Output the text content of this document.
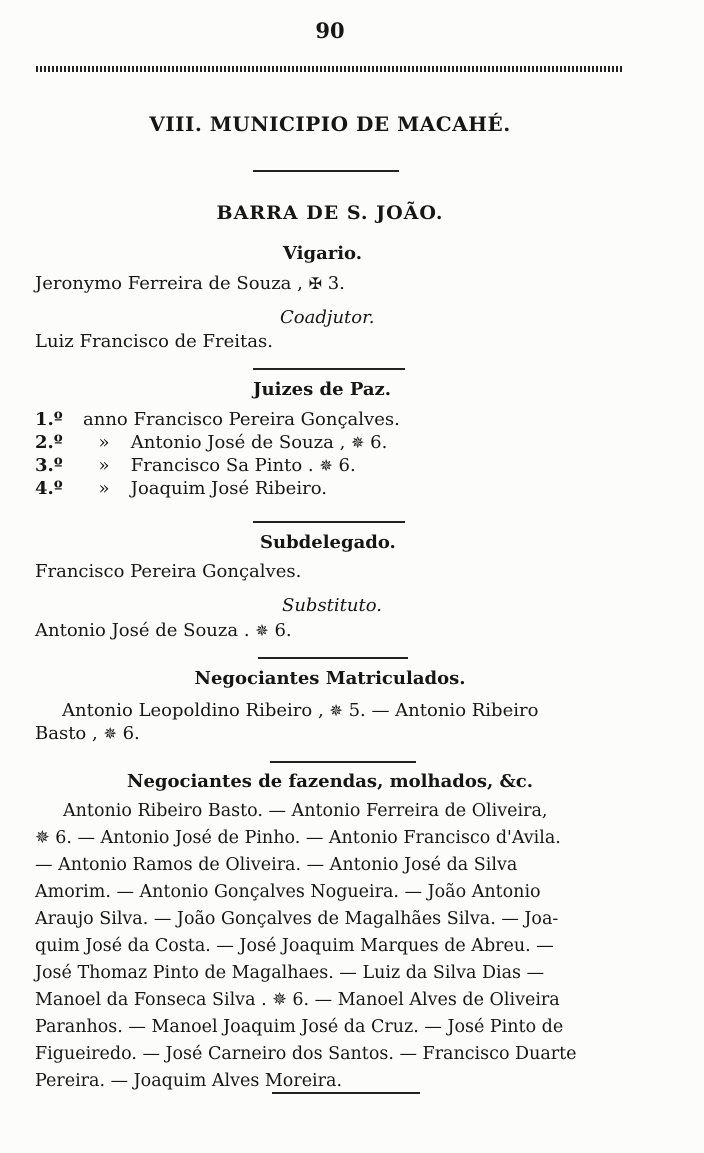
90
VIII. MUNICIPIO DE MACAHÉ.
BARRA DE S. JOÃO.
Vigario.
Jeronymo Ferreira de Souza , ✠ 3.
Coadjutor.
Luiz Francisco de Freitas.
Juizes de Paz.
1.º anno Francisco Pereira Gonçalves.
2.º » Antonio José de Souza , ✵ 6.
3.º » Francisco Sa Pinto . ✵ 6.
4.º » Joaquim José Ribeiro.
Subdelegado.
Francisco Pereira Gonçalves.
Substituto.
Antonio José de Souza . ✵ 6.
Negociantes Matriculados.
Antonio Leopoldino Ribeiro , ✵ 5. — Antonio Ribeiro
Basto , ✵ 6.
Negociantes de fazendas, molhados, &c.
Antonio Ribeiro Basto. — Antonio Ferreira de Oliveira,
✵ 6. — Antonio José de Pinho. — Antonio Francisco d'Avila.
— Antonio Ramos de Oliveira. — Antonio José da Silva
Amorim. — Antonio Gonçalves Nogueira. — João Antonio
Araujo Silva. — João Gonçalves de Magalhães Silva. — Joa-
quim José da Costa. — José Joaquim Marques de Abreu. —
José Thomaz Pinto de Magalhaes. — Luiz da Silva Dias —
Manoel da Fonseca Silva . ✵ 6. — Manoel Alves de Oliveira
Paranhos. — Manoel Joaquim José da Cruz. — José Pinto de
Figueiredo. — José Carneiro dos Santos. — Francisco Duarte
Pereira. — Joaquim Alves Moreira.
